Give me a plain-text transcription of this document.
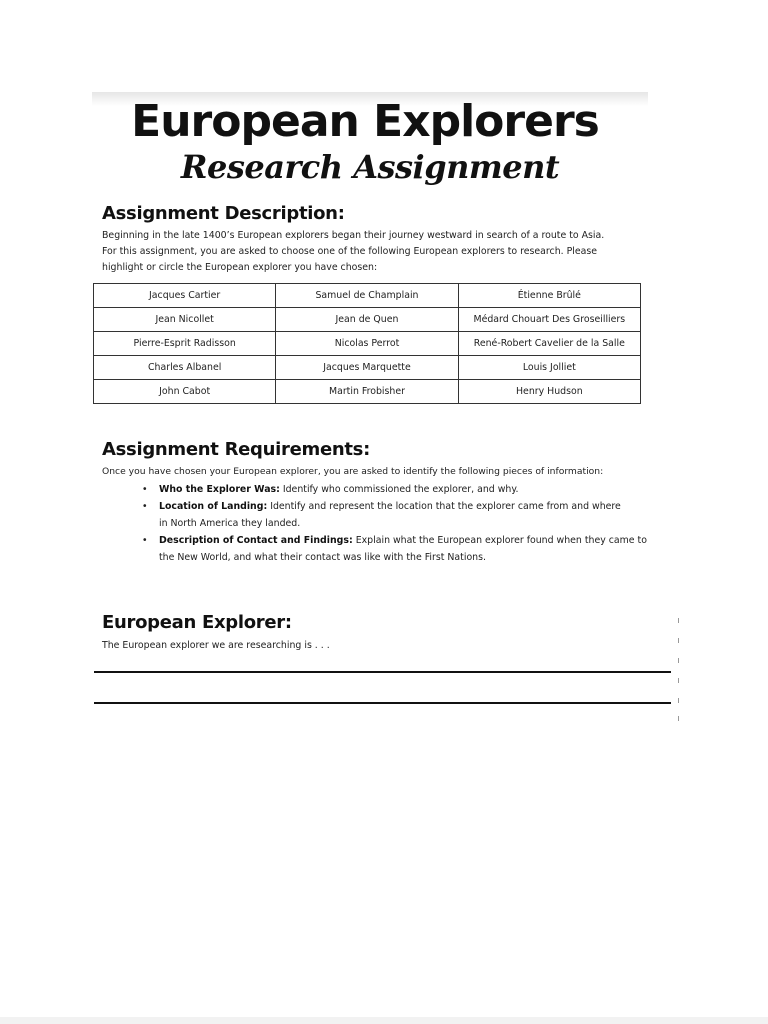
European Explorers
Research Assignment
Assignment Description:

Beginning in the late 1400’s European explorers began their journey westward in search of a route to Asia.
For this assignment, you are asked to choose one of the following European explorers to research. Please
highlight or circle the European explorer you have chosen:

Jacques Cartier	Samuel de Champlain	Étienne Brûlé
Jean Nicollet	Jean de Quen	Médard Chouart Des Groseilliers
Pierre-Esprit Radisson	Nicolas Perrot	René-Robert Cavelier de la Salle
Charles Albanel	Jacques Marquette	Louis Jolliet
John Cabot	Martin Frobisher	Henry Hudson
Assignment Requirements:

Once you have chosen your European explorer, you are asked to identify the following pieces of information:

• Who the Explorer Was: Identify who commissioned the explorer, and why.
• Location of Landing: Identify and represent the location that the explorer came from and where
in North America they landed.
• Description of Contact and Findings: Explain what the European explorer found when they came to
the New World, and what their contact was like with the First Nations.
European Explorer:

The European explorer we are researching is . . .
